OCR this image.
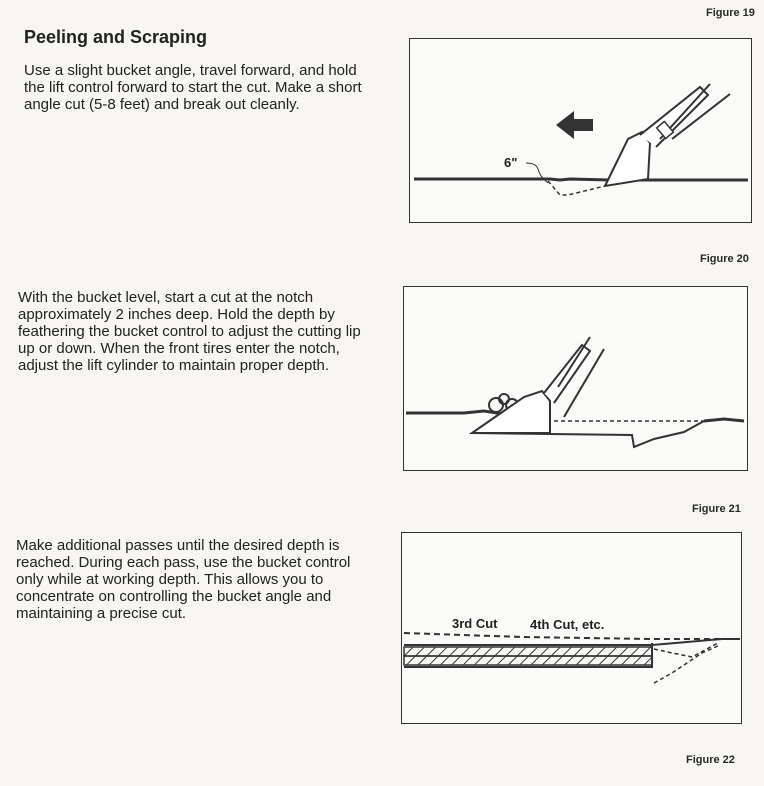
Figure 19
Peeling and Scraping
Use a slight bucket angle, travel forward, and hold the lift control forward to start the cut. Make a short angle cut (5-8 feet) and break out cleanly.
6"
Figure 20
With the bucket level, start a cut at the notch approximately 2 inches deep. Hold the depth by feathering the bucket control to adjust the cutting lip up or down. When the front tires enter the notch, adjust the lift cylinder to maintain proper depth.
Figure 21
Make additional passes until the desired depth is reached. During each pass, use the bucket control only while at working depth. This allows you to concentrate on controlling the bucket angle and maintaining a precise cut.
3rd Cut	4th Cut, etc.
Figure 22
